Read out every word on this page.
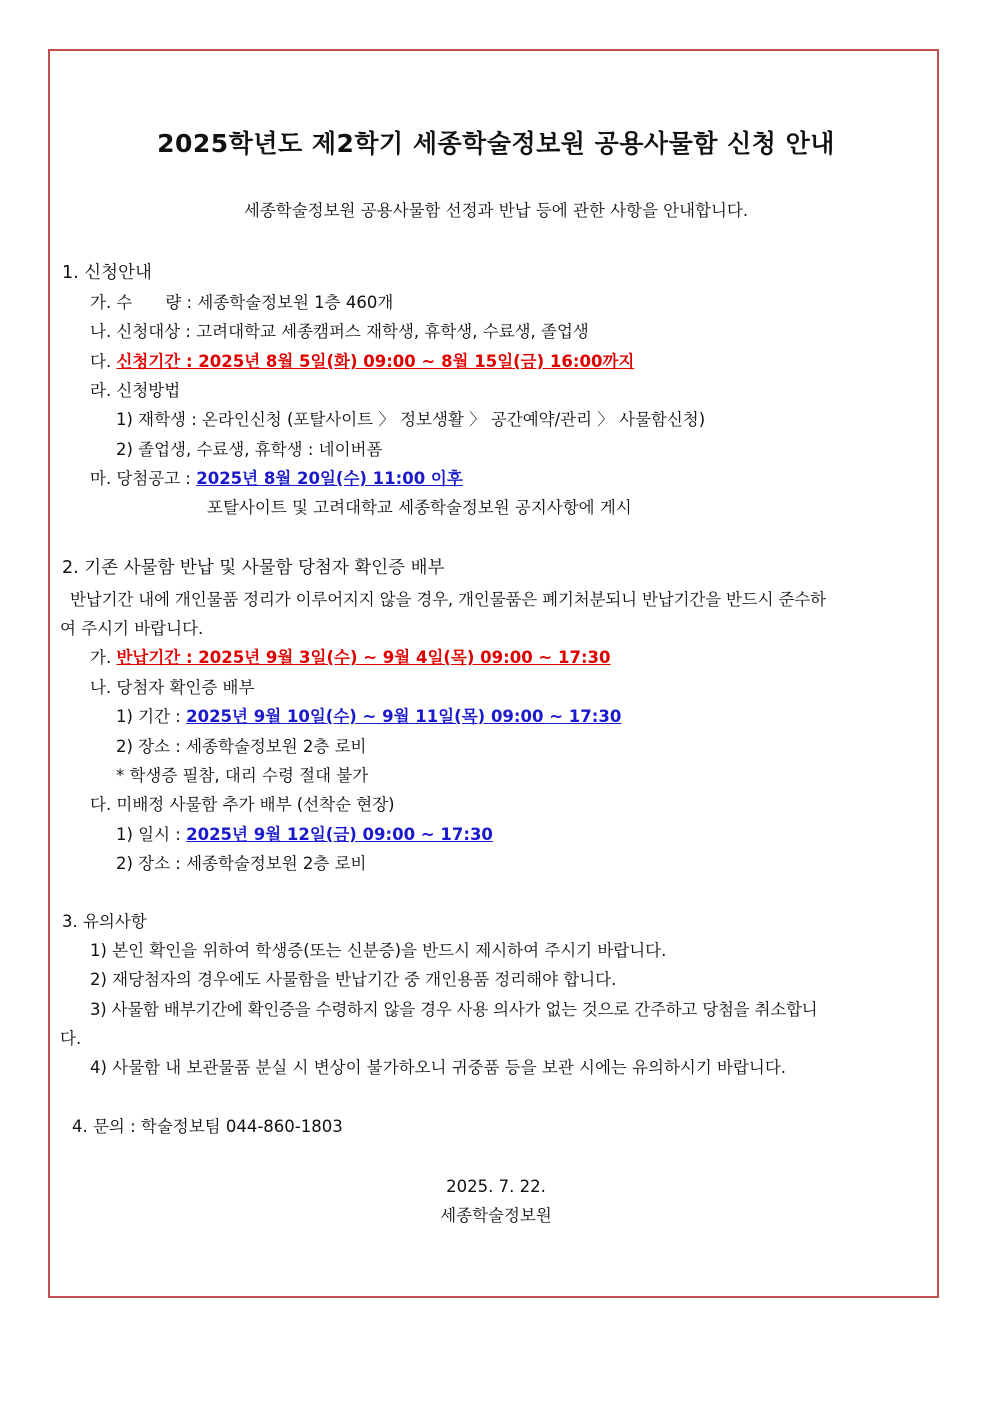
2025학년도 제2학기 세종학술정보원 공용사물함 신청 안내
세종학술정보원 공용사물함 선정과 반납 등에 관한 사항을 안내합니다.
1. 신청안내
가. 수　　량 : 세종학술정보원 1층 460개
나. 신청대상 : 고려대학교 세종캠퍼스 재학생, 휴학생, 수료생, 졸업생
다. 신청기간 : 2025년 8월 5일(화) 09:00 ~ 8월 15일(금) 16:00까지
라. 신청방법
1) 재학생 : 온라인신청 (포탈사이트 〉 정보생활 〉 공간예약/관리 〉 사물함신청)
2) 졸업생, 수료생, 휴학생 : 네이버폼
마. 당첨공고 : 2025년 8월 20일(수) 11:00 이후
포탈사이트 및 고려대학교 세종학술정보원 공지사항에 게시
2. 기존 사물함 반납 및 사물함 당첨자 확인증 배부
반납기간 내에 개인물품 정리가 이루어지지 않을 경우, 개인물품은 폐기처분되니 반납기간을 반드시 준수하
여 주시기 바랍니다.
가. 반납기간 : 2025년 9월 3일(수) ~ 9월 4일(목) 09:00 ~ 17:30
나. 당첨자 확인증 배부
1) 기간 : 2025년 9월 10일(수) ~ 9월 11일(목) 09:00 ~ 17:30
2) 장소 : 세종학술정보원 2층 로비
* 학생증 필참, 대리 수령 절대 불가
다. 미배정 사물함 추가 배부 (선착순 현장)
1) 일시 : 2025년 9월 12일(금) 09:00 ~ 17:30
2) 장소 : 세종학술정보원 2층 로비
3. 유의사항
1) 본인 확인을 위하여 학생증(또는 신분증)을 반드시 제시하여 주시기 바랍니다.
2) 재당첨자의 경우에도 사물함을 반납기간 중 개인용품 정리해야 합니다.
3) 사물함 배부기간에 확인증을 수령하지 않을 경우 사용 의사가 없는 것으로 간주하고 당첨을 취소합니
다.
4) 사물함 내 보관물품 분실 시 변상이 불가하오니 귀중품 등을 보관 시에는 유의하시기 바랍니다.
4. 문의 : 학술정보팀 044-860-1803
2025. 7. 22.
세종학술정보원
